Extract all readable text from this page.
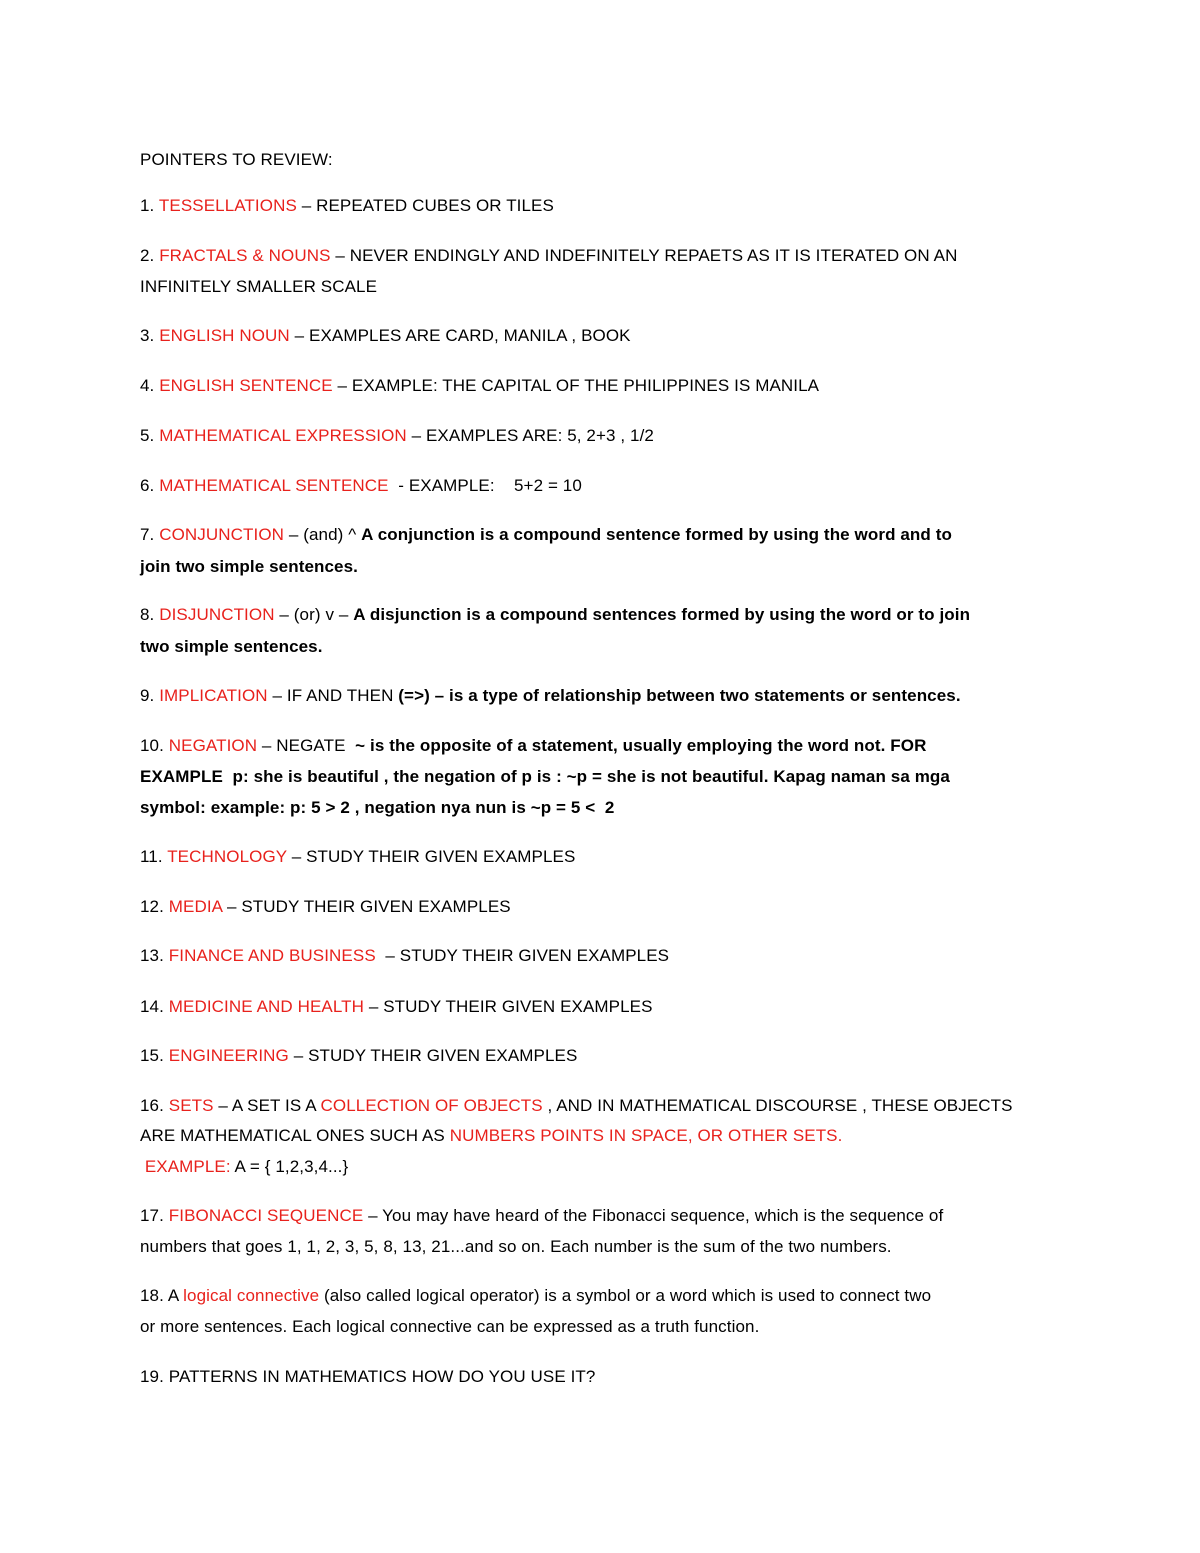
POINTERS TO REVIEW:
1. TESSELLATIONS – REPEATED CUBES OR TILES
2. FRACTALS & NOUNS – NEVER ENDINGLY AND INDEFINITELY REPAETS AS IT IS ITERATED ON AN
INFINITELY SMALLER SCALE
3. ENGLISH NOUN – EXAMPLES ARE CARD, MANILA , BOOK
4. ENGLISH SENTENCE – EXAMPLE: THE CAPITAL OF THE PHILIPPINES IS MANILA
5. MATHEMATICAL EXPRESSION – EXAMPLES ARE: 5, 2+3 , 1/2
6. MATHEMATICAL SENTENCE  - EXAMPLE:    5+2 = 10
7. CONJUNCTION – (and) ^ A conjunction is a compound sentence formed by using the word and to
join two simple sentences.
8. DISJUNCTION – (or) v – A disjunction is a compound sentences formed by using the word or to join
two simple sentences.
9. IMPLICATION – IF AND THEN (=>) – is a type of relationship between two statements or sentences.
10. NEGATION – NEGATE  ~ is the opposite of a statement, usually employing the word not. FOR
EXAMPLE  p: she is beautiful , the negation of p is : ~p = she is not beautiful. Kapag naman sa mga
symbol: example: p: 5 > 2 , negation nya nun is ~p = 5 <  2
11. TECHNOLOGY – STUDY THEIR GIVEN EXAMPLES
12. MEDIA – STUDY THEIR GIVEN EXAMPLES
13. FINANCE AND BUSINESS  – STUDY THEIR GIVEN EXAMPLES
14. MEDICINE AND HEALTH – STUDY THEIR GIVEN EXAMPLES
15. ENGINEERING – STUDY THEIR GIVEN EXAMPLES
16. SETS – A SET IS A COLLECTION OF OBJECTS , AND IN MATHEMATICAL DISCOURSE , THESE OBJECTS
ARE MATHEMATICAL ONES SUCH AS NUMBERS POINTS IN SPACE, OR OTHER SETS.
EXAMPLE: A = { 1,2,3,4...}
17. FIBONACCI SEQUENCE – You may have heard of the Fibonacci sequence, which is the sequence of
numbers that goes 1, 1, 2, 3, 5, 8, 13, 21...and so on. Each number is the sum of the two numbers.
18. A logical connective (also called logical operator) is a symbol or a word which is used to connect two
or more sentences. Each logical connective can be expressed as a truth function.
19. PATTERNS IN MATHEMATICS HOW DO YOU USE IT?
